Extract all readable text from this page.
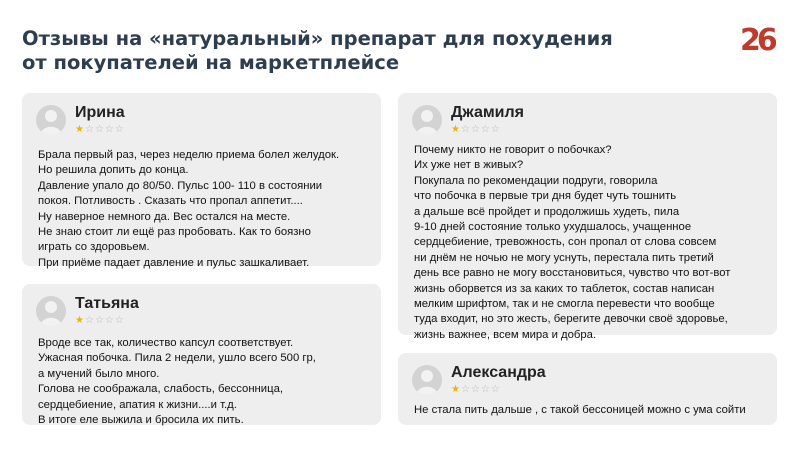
Отзывы на «натуральный» препарат для похудения
от покупателей на маркетплейсе
26
Ирина
★☆☆☆☆

Брала первый раз, через неделю приема болел желудок.

Но решила допить до конца.

Давление упало до 80/50. Пульс 100- 110 в состоянии

покоя. Потливость . Сказать что пропал аппетит....

Ну наверное немного да. Вес остался на месте.

Не знаю стоит ли ещё раз пробовать. Как то боязно

играть со здоровьем.

При приёме падает давление и пульс зашкаливает.

Татьяна
★☆☆☆☆

Вроде все так, количество капсул соответствует.

Ужасная побочка. Пила 2 недели, ушло всего 500 гр,

а мучений было много.

Голова не соображала, слабость, бессонница,

сердцебиение, апатия к жизни....и т.д.

В итоге еле выжила и бросила их пить.

Джамиля
★☆☆☆☆

Почему никто не говорит о побочках?

Их уже нет в живых?

Покупала по рекомендации подруги, говорила

что побочка в первые три дня будет чуть тошнить

а дальше всё пройдет и продолжишь худеть, пила

9-10 дней состояние только ухудшалось, учащенное

сердцебиение, тревожность, сон пропал от слова совсем

ни днём не ночью не могу уснуть, перестала пить третий

день все равно не могу восстановиться, чувство что вот-вот

жизнь оборвется из за каких то таблеток, состав написан

мелким шрифтом, так и не смогла перевести что вообще

туда входит, но это жесть, берегите девочки своё здоровье,

жизнь важнее, всем мира и добра.

Александра
★☆☆☆☆

Не стала пить дальше , с такой бессоницей можно с ума сойти
